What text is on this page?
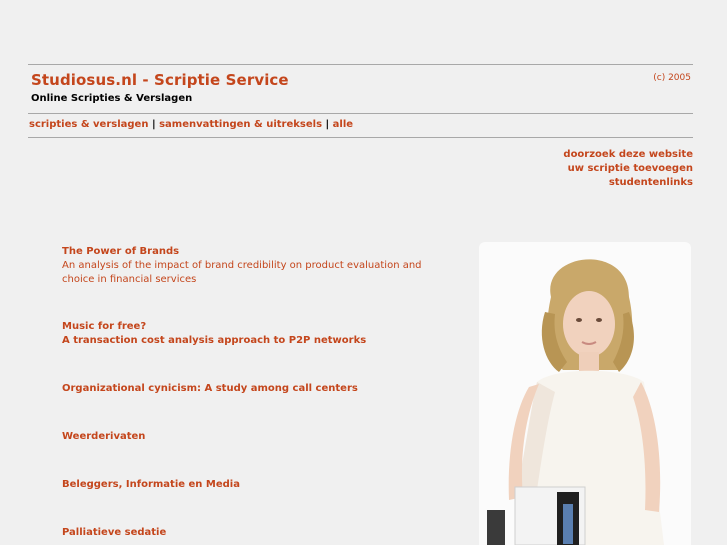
Studiosus.nl - Scriptie Service
Online Scripties & Verslagen
(c) 2005
scripties & verslagen | samenvattingen & uitreksels | alle
doorzoek deze website
uw scriptie toevoegen
studentenlinks
The Power of Brands
An analysis of the impact of brand credibility on product evaluation and choice in financial services
Music for free?
A transaction cost analysis approach to P2P networks
Organizational cynicism: A study among call centers
Weerderivaten
Beleggers, Informatie en Media
Palliatieve sedatie
